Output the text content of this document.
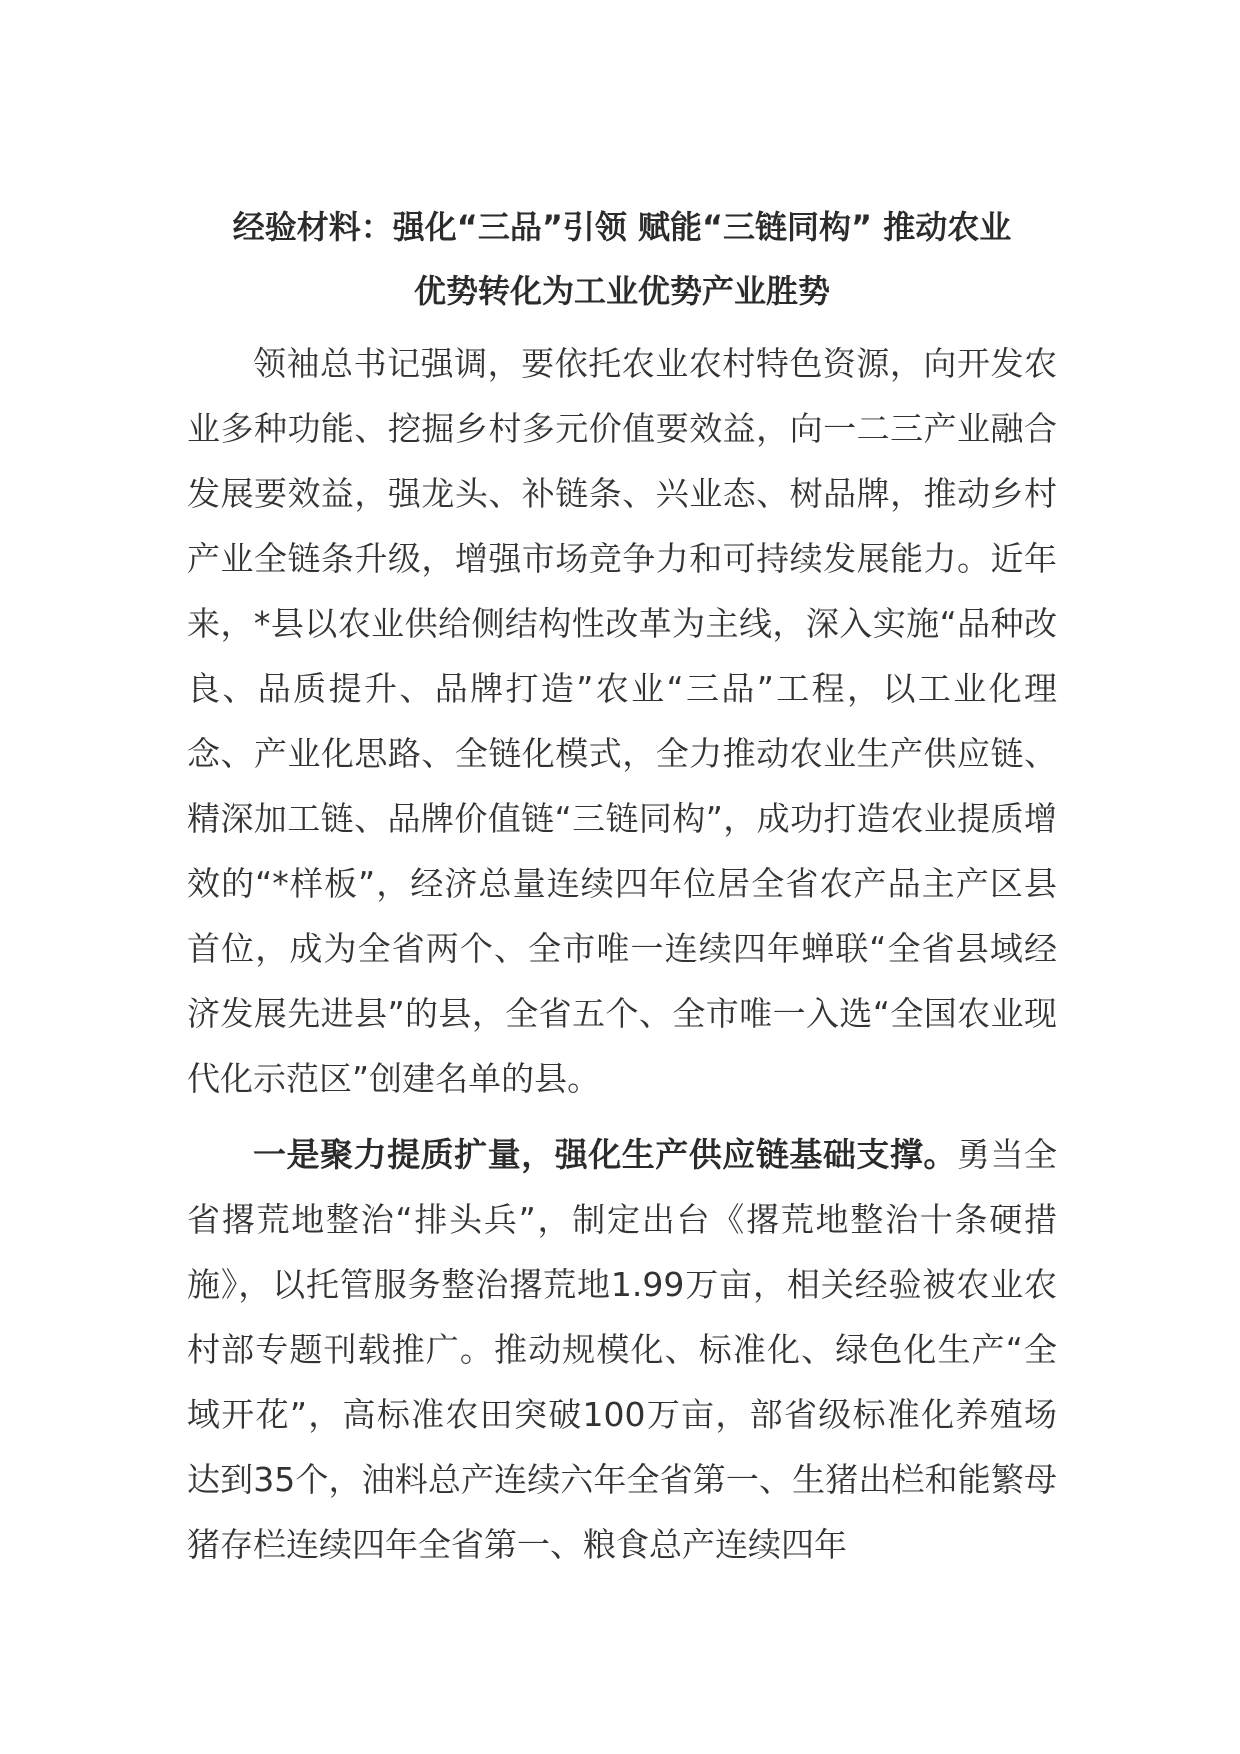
经验材料：强化“三品”引领 赋能“三链同构” 推动农业
优势转化为工业优势产业胜势

领袖总书记强调，要依托农业农村特色资源，向开发农业多种功能、挖掘乡村多元价值要效益，向一二三产业融合发展要效益，强龙头、补链条、兴业态、树品牌，推动乡村产业全链条升级，增强市场竞争力和可持续发展能力。近年来，*县以农业供给侧结构性改革为主线，深入实施“品种改良、品质提升、品牌打造”农业“三品”工程，以工业化理念、产业化思路、全链化模式，全力推动农业生产供应链、精深加工链、品牌价值链“三链同构”，成功打造农业提质增效的“*样板”，经济总量连续四年位居全省农产品主产区县首位，成为全省两个、全市唯一连续四年蝉联“全省县域经济发展先进县”的县，全省五个、全市唯一入选“全国农业现代化示范区”创建名单的县。

一是聚力提质扩量，强化生产供应链基础支撑。勇当全省撂荒地整治“排头兵”，制定出台《撂荒地整治十条硬措施》，以托管服务整治撂荒地1.99万亩，相关经验被农业农村部专题刊载推广。推动规模化、标准化、绿色化生产“全域开花”，高标准农田突破100万亩，部省级标准化养殖场达到35个，油料总产连续六年全省第一、生猪出栏和能繁母猪存栏连续四年全省第一、粮食总产连续四年
